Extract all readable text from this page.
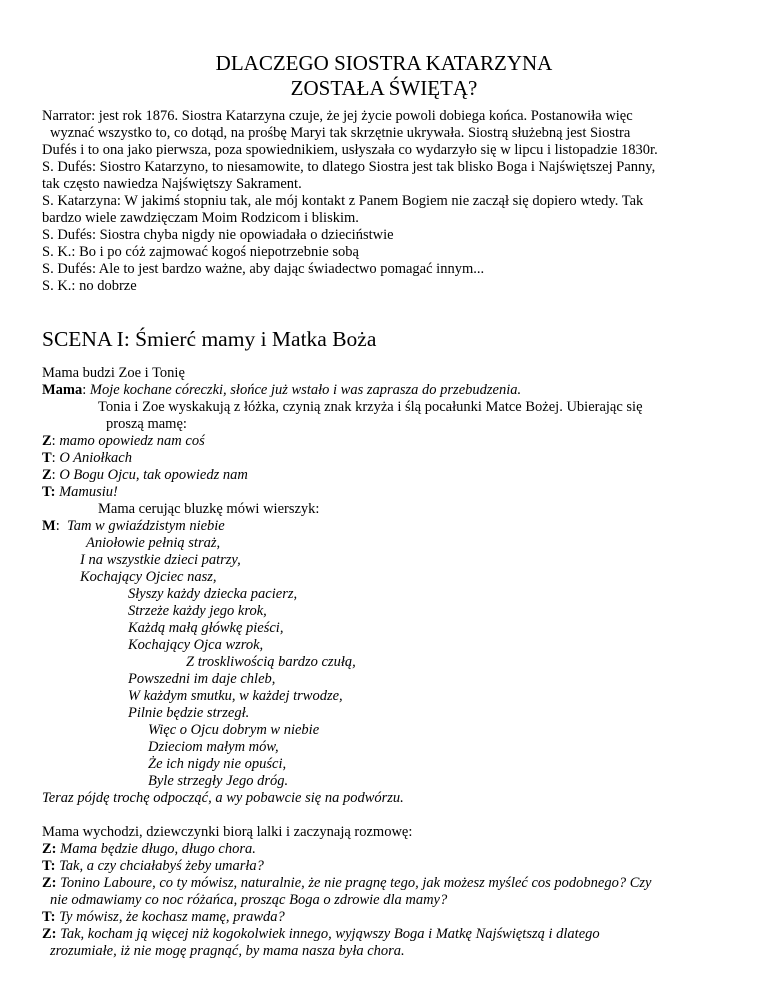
DLACZEGO SIOSTRA KATARZYNA
ZOSTAŁA ŚWIĘTĄ?
Narrator: jest rok 1876. Siostra Katarzyna czuje, że jej życie powoli dobiega końca. Postanowiła więc
wyznać wszystko to, co dotąd, na prośbę Maryi tak skrzętnie ukrywała. Siostrą służebną jest Siostra
Dufés i to ona jako pierwsza, poza spowiednikiem, usłyszała co wydarzyło się w lipcu i listopadzie 1830r.
S. Dufés: Siostro Katarzyno, to niesamowite, to dlatego Siostra jest tak blisko Boga i Najświętszej Panny,
tak często nawiedza Najświętszy Sakrament.
S. Katarzyna: W jakimś stopniu tak, ale mój kontakt z Panem Bogiem nie zaczął się dopiero wtedy. Tak
bardzo wiele zawdzięczam Moim Rodzicom i bliskim.
S. Dufés: Siostra chyba nigdy nie opowiadała o dzieciństwie
S. K.: Bo i po cóż zajmować kogoś niepotrzebnie sobą
S. Dufés: Ale to jest bardzo ważne, aby dając świadectwo pomagać innym...
S. K.: no dobrze
SCENA I: Śmierć mamy i Matka Boża
Mama budzi Zoe i Tonię
Mama: Moje kochane córeczki, słońce już wstało i was zaprasza do przebudzenia.
Tonia i Zoe wyskakują z łóżka, czynią znak krzyża i ślą pocałunki Matce Bożej. Ubierając się
proszą mamę:
Z: mamo opowiedz nam coś
T: O Aniołkach
Z: O Bogu Ojcu, tak opowiedz nam
T: Mamusiu!
Mama cerując bluzkę mówi wierszyk:
M:  Tam w gwiaździstym niebie
Aniołowie pełnią straż,
I na wszystkie dzieci patrzy,
Kochający Ojciec nasz,
Słyszy każdy dziecka pacierz,
Strzeże każdy jego krok,
Każdą małą główkę pieści,
Kochający Ojca wzrok,
Z troskliwością bardzo czułą,
Powszedni im daje chleb,
W każdym smutku, w każdej trwodze,
Pilnie będzie strzegł.
Więc o Ojcu dobrym w niebie
Dzieciom małym mów,
Że ich nigdy nie opuści,
Byle strzegły Jego dróg.
Teraz pójdę trochę odpocząć, a wy pobawcie się na podwórzu.
Mama wychodzi, dziewczynki biorą lalki i zaczynają rozmowę:
Z: Mama będzie długo, długo chora.
T: Tak, a czy chciałabyś żeby umarła?
Z: Tonino Laboure, co ty mówisz, naturalnie, że nie pragnę tego, jak możesz myśleć cos podobnego? Czy
nie odmawiamy co noc różańca, prosząc Boga o zdrowie dla mamy?
T: Ty mówisz, że kochasz mamę, prawda?
Z: Tak, kocham ją więcej niż kogokolwiek innego, wyjąwszy Boga i Matkę Najświętszą i dlatego
zrozumiałe, iż nie mogę pragnąć, by mama nasza była chora.
